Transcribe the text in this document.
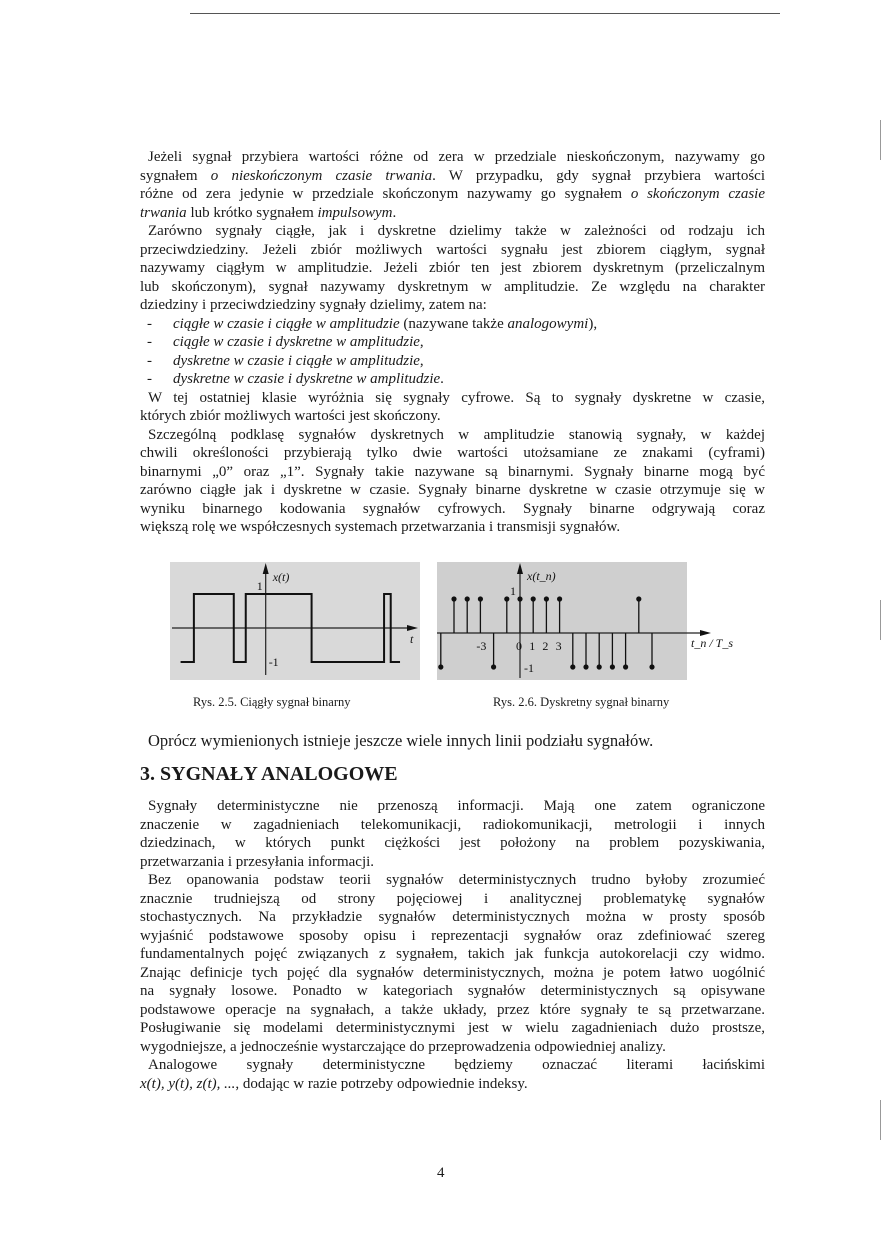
Jeżeli sygnał przybiera wartości różne od zera w przedziale nieskończonym, nazywamy go
sygnałem o nieskończonym czasie trwania. W przypadku, gdy sygnał przybiera wartości
różne od zera jedynie w przedziale skończonym nazywamy go sygnałem o skończonym czasie
trwania lub krótko sygnałem impulsowym.
Zarówno sygnały ciągłe, jak i dyskretne dzielimy także w zależności od rodzaju ich
przeciwdziedziny. Jeżeli zbiór możliwych wartości sygnału jest zbiorem ciągłym, sygnał
nazywamy ciągłym w amplitudzie. Jeżeli zbiór ten jest zbiorem dyskretnym (przeliczalnym
lub skończonym), sygnał nazywamy dyskretnym w amplitudzie. Ze względu na charakter
dziedziny i przeciwdziedziny sygnały dzielimy, zatem na:
- ciągłe w czasie i ciągłe w amplitudzie (nazywane także analogowymi),
- ciągłe w czasie i dyskretne w amplitudzie,
- dyskretne w czasie i ciągłe w amplitudzie,
- dyskretne w czasie i dyskretne w amplitudzie.
W tej ostatniej klasie wyróżnia się sygnały cyfrowe. Są to sygnały dyskretne w czasie,
których zbiór możliwych wartości jest skończony.
Szczególną podklasę sygnałów dyskretnych w amplitudzie stanowią sygnały, w każdej
chwili określoności przybierają tylko dwie wartości utożsamiane ze znakami (cyframi)
binarnymi „0” oraz „1”. Sygnały takie nazywane są binarnymi. Sygnały binarne mogą być
zarówno ciągłe jak i dyskretne w czasie. Sygnały binarne dyskretne w czasie otrzymuje się w
wyniku binarnego kodowania sygnałów cyfrowych. Sygnały binarne odgrywają coraz
większą rolę we współczesnych systemach przetwarzania i transmisji sygnałów.
x(t)
t
1
-1
x(t_n)
1
-1
t_n / T_s
-3 0 1 2 3
Rys. 2.5. Ciągły sygnał binarny	Rys. 2.6. Dyskretny sygnał binarny
Oprócz wymienionych istnieje jeszcze wiele innych linii podziału sygnałów.
3. SYGNAŁY ANALOGOWE
Sygnały deterministyczne nie przenoszą informacji. Mają one zatem ograniczone
znaczenie w zagadnieniach telekomunikacji, radiokomunikacji, metrologii i innych
dziedzinach, w których punkt ciężkości jest położony na problem pozyskiwania,
przetwarzania i przesyłania informacji.
Bez opanowania podstaw teorii sygnałów deterministycznych trudno byłoby zrozumieć
znacznie trudniejszą od strony pojęciowej i analitycznej problematykę sygnałów
stochastycznych. Na przykładzie sygnałów deterministycznych można w prosty sposób
wyjaśnić podstawowe sposoby opisu i reprezentacji sygnałów oraz zdefiniować szereg
fundamentalnych pojęć związanych z sygnałem, takich jak funkcja autokorelacji czy widmo.
Znając definicje tych pojęć dla sygnałów deterministycznych, można je potem łatwo uogólnić
na sygnały losowe. Ponadto w kategoriach sygnałów deterministycznych są opisywane
podstawowe operacje na sygnałach, a także układy, przez które sygnały te są przetwarzane.
Posługiwanie się modelami deterministycznymi jest w wielu zagadnieniach dużo prostsze,
wygodniejsze, a jednocześnie wystarczające do przeprowadzenia odpowiedniej analizy.
Analogowe sygnały deterministyczne będziemy oznaczać literami łacińskimi
x(t), y(t), z(t), ..., dodając w razie potrzeby odpowiednie indeksy.
4
